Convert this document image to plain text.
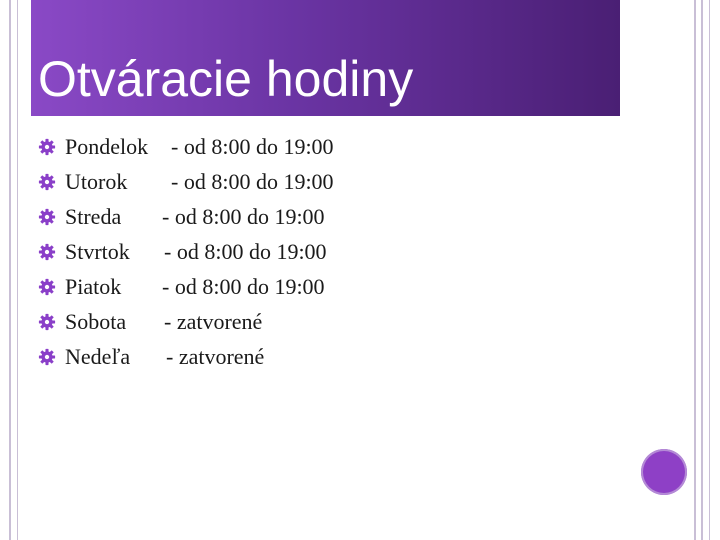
Otváracie hodiny
Pondelok - od 8:00 do 19:00
Utorok - od 8:00 do 19:00
Streda - od 8:00 do 19:00
Stvrtok - od 8:00 do 19:00
Piatok - od 8:00 do 19:00
Sobota - zatvorené
Nedeľa - zatvorené
